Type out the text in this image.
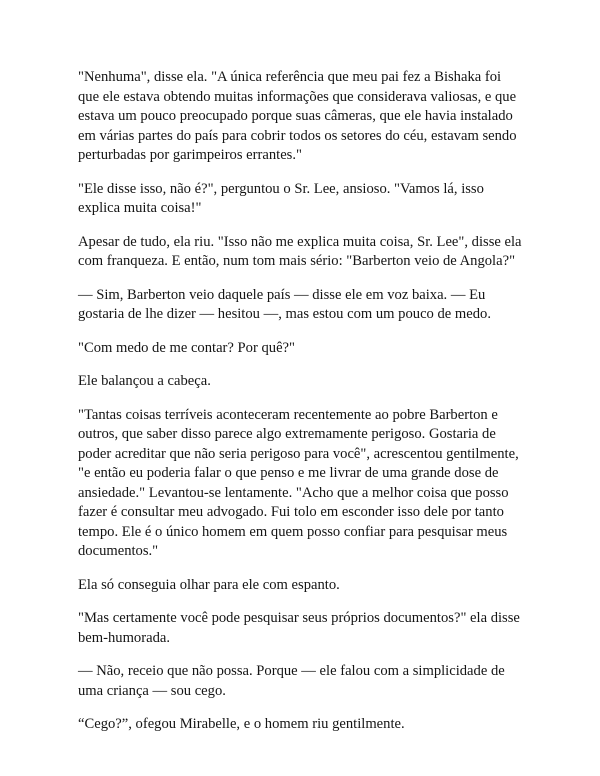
"Nenhuma", disse ela. "A única referência que meu pai fez a Bishaka foi
que ele estava obtendo muitas informações que considerava valiosas, e que
estava um pouco preocupado porque suas câmeras, que ele havia instalado
em várias partes do país para cobrir todos os setores do céu, estavam sendo
perturbadas por garimpeiros errantes."

"Ele disse isso, não é?", perguntou o Sr. Lee, ansioso. "Vamos lá, isso
explica muita coisa!"

Apesar de tudo, ela riu. "Isso não me explica muita coisa, Sr. Lee", disse ela
com franqueza. E então, num tom mais sério: "Barberton veio de Angola?"

— Sim, Barberton veio daquele país — disse ele em voz baixa. — Eu
gostaria de lhe dizer — hesitou —, mas estou com um pouco de medo.

"Com medo de me contar? Por quê?"

Ele balançou a cabeça.

"Tantas coisas terríveis aconteceram recentemente ao pobre Barberton e
outros, que saber disso parece algo extremamente perigoso. Gostaria de
poder acreditar que não seria perigoso para você", acrescentou gentilmente,
"e então eu poderia falar o que penso e me livrar de uma grande dose de
ansiedade." Levantou-se lentamente. "Acho que a melhor coisa que posso
fazer é consultar meu advogado. Fui tolo em esconder isso dele por tanto
tempo. Ele é o único homem em quem posso confiar para pesquisar meus
documentos."

Ela só conseguia olhar para ele com espanto.

"Mas certamente você pode pesquisar seus próprios documentos?" ela disse
bem-humorada.

— Não, receio que não possa. Porque — ele falou com a simplicidade de
uma criança — sou cego.

“Cego?”, ofegou Mirabelle, e o homem riu gentilmente.
